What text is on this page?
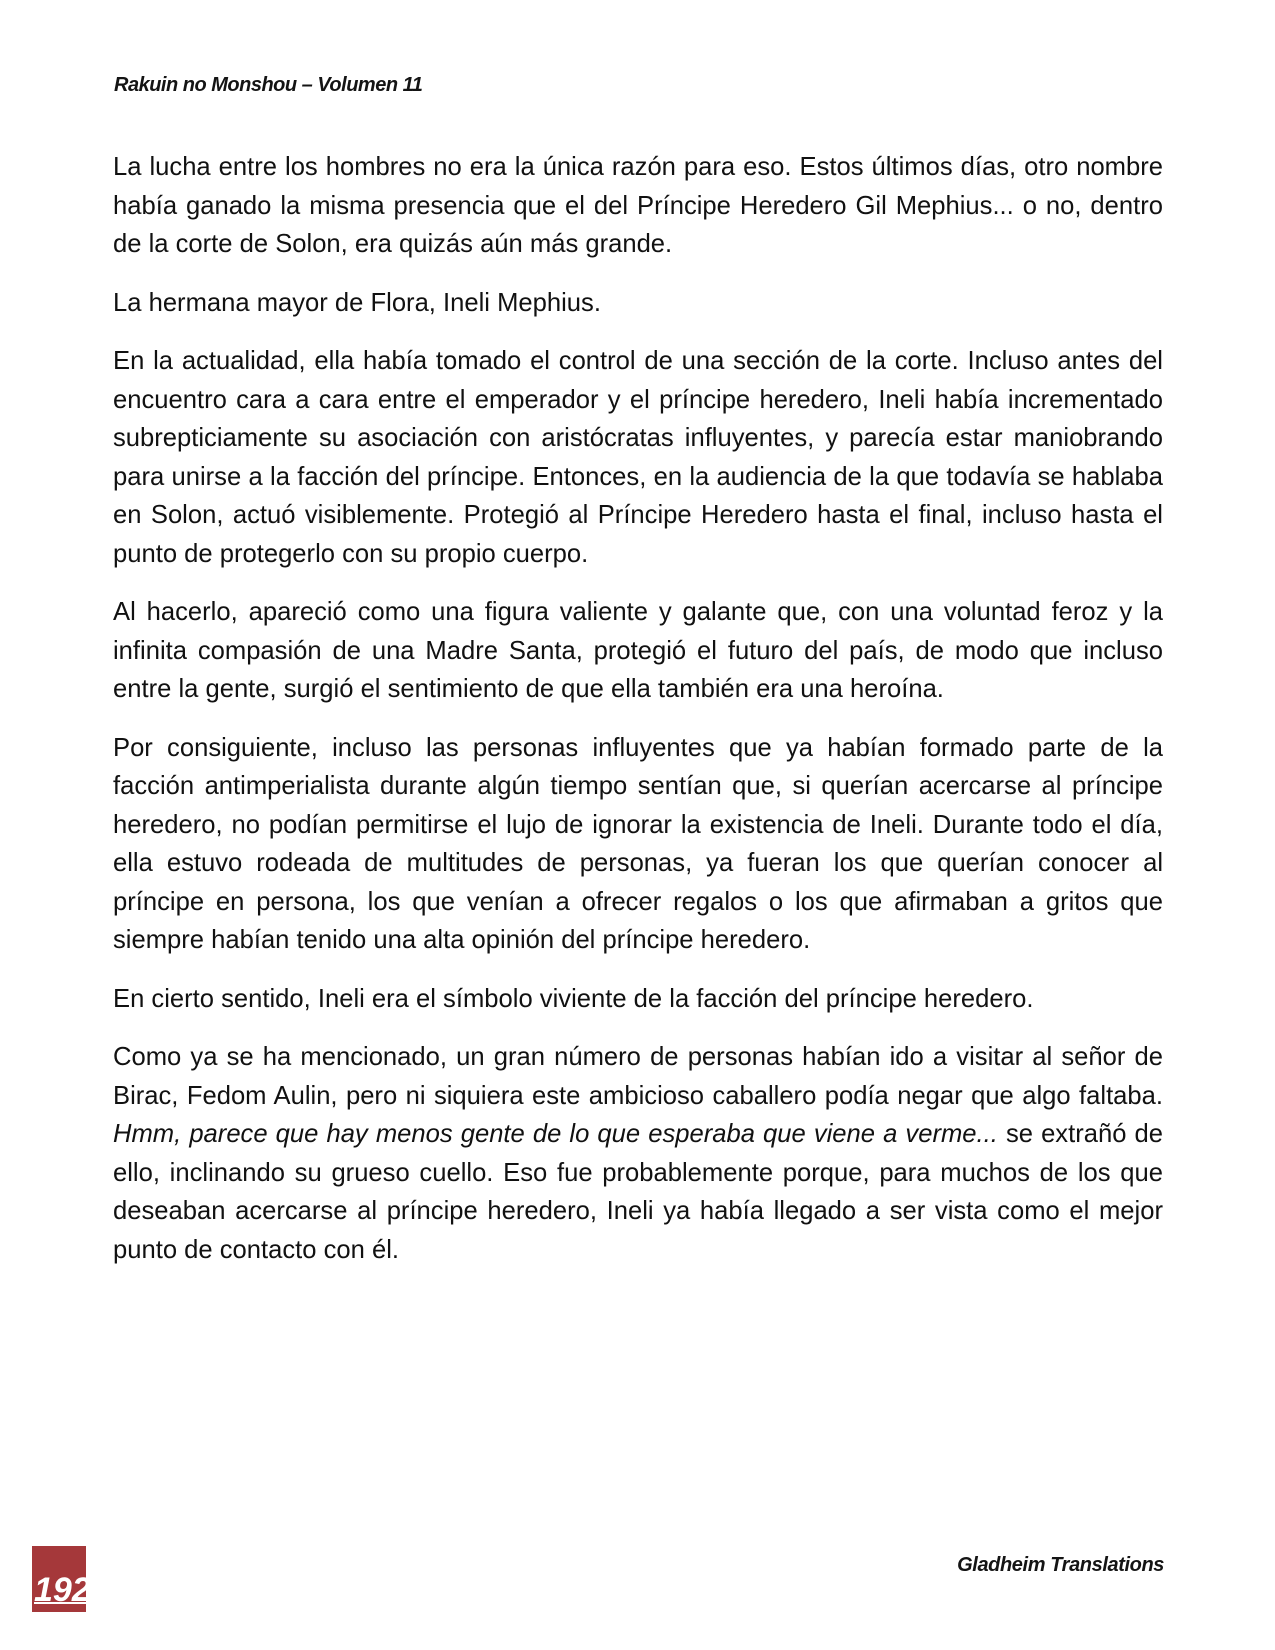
Rakuin no Monshou – Volumen 11

La lucha entre los hombres no era la única razón para eso. Estos últimos días, otro nombre había ganado la misma presencia que el del Príncipe Heredero Gil Mephius... o no, dentro de la corte de Solon, era quizás aún más grande.

La hermana mayor de Flora, Ineli Mephius.

En la actualidad, ella había tomado el control de una sección de la corte. Incluso antes del encuentro cara a cara entre el emperador y el príncipe heredero, Ineli había incrementado subrepticiamente su asociación con aristócratas influyentes, y parecía estar maniobrando para unirse a la facción del príncipe. Entonces, en la audiencia de la que todavía se hablaba en Solon, actuó visiblemente. Protegió al Príncipe Heredero hasta el final, incluso hasta el punto de protegerlo con su propio cuerpo.

Al hacerlo, apareció como una figura valiente y galante que, con una voluntad feroz y la infinita compasión de una Madre Santa, protegió el futuro del país, de modo que incluso entre la gente, surgió el sentimiento de que ella también era una heroína.

Por consiguiente, incluso las personas influyentes que ya habían formado parte de la facción antimperialista durante algún tiempo sentían que, si querían acercarse al príncipe heredero, no podían permitirse el lujo de ignorar la existencia de Ineli. Durante todo el día, ella estuvo rodeada de multitudes de personas, ya fueran los que querían conocer al príncipe en persona, los que venían a ofrecer regalos o los que afirmaban a gritos que siempre habían tenido una alta opinión del príncipe heredero.

En cierto sentido, Ineli era el símbolo viviente de la facción del príncipe heredero.

Como ya se ha mencionado, un gran número de personas habían ido a visitar al señor de Birac, Fedom Aulin, pero ni siquiera este ambicioso caballero podía negar que algo faltaba. Hmm, parece que hay menos gente de lo que esperaba que viene a verme... se extrañó de ello, inclinando su grueso cuello. Eso fue probablemente porque, para muchos de los que deseaban acercarse al príncipe heredero, Ineli ya había llegado a ser vista como el mejor punto de contacto con él.

192
Gladheim Translations
